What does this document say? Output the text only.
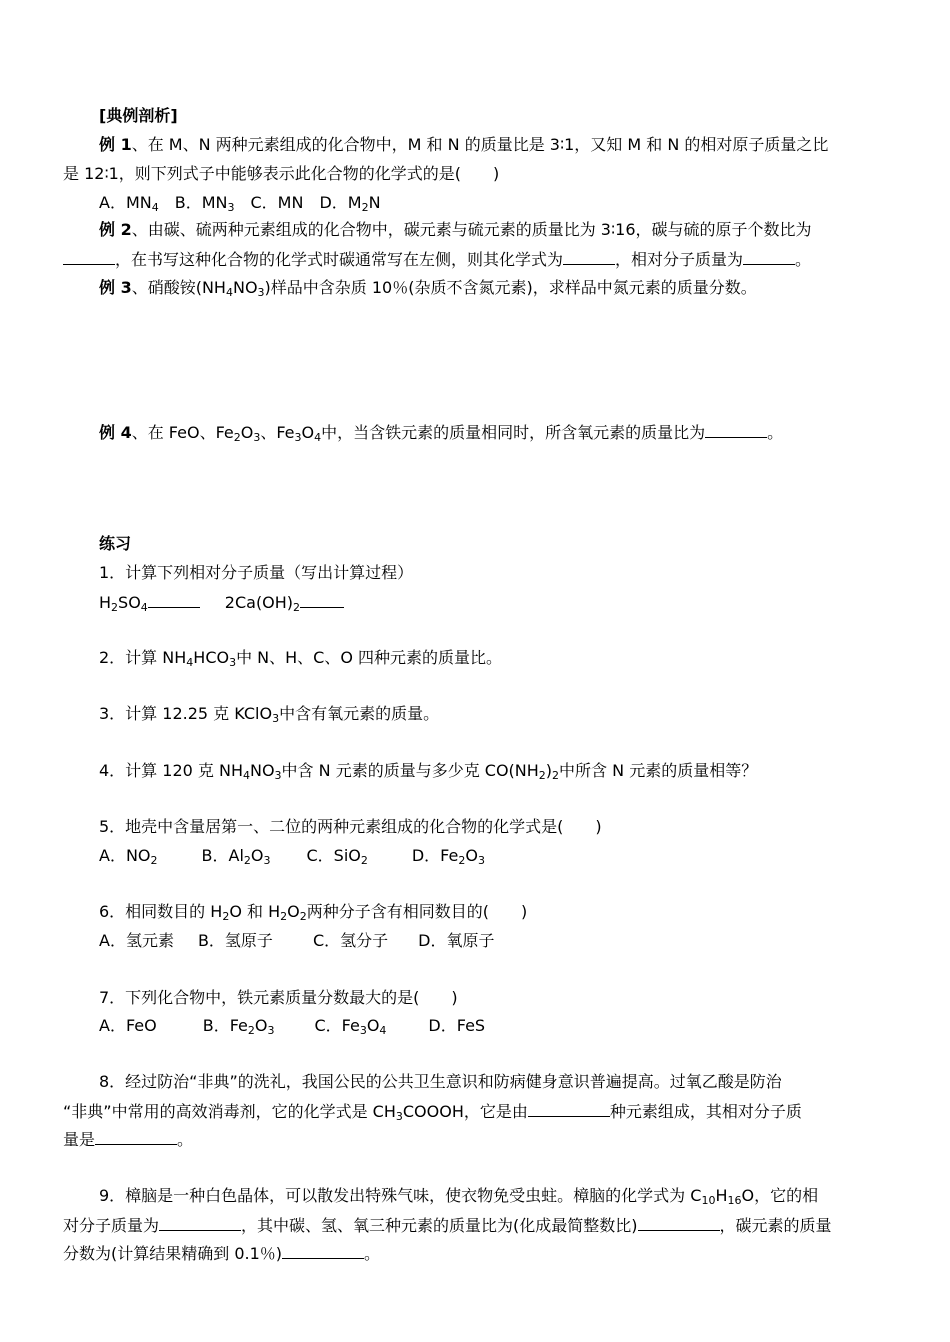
[典例剖析]
例 1、在 M、N 两种元素组成的化合物中，M 和 N 的质量比是 3∶1，又知 M 和 N 的相对原子质量之比
是 12∶1，则下列式子中能够表示此化合物的化学式的是(　　)
A．$MN_4$　B．$MN_3$　C．MN　D．$M_2N$
例 2、由碳、硫两种元素组成的化合物中，碳元素与硫元素的质量比为 3∶16，碳与硫的原子个数比为
，在书写这种化合物的化学式时碳通常写在左侧，则其化学式为	，相对分子质量为	。
例 3、硝酸铵$(NH_4NO_3)$样品中含杂质 10％(杂质不含氮元素)，求样品中氮元素的质量分数。
例 4、在 FeO、$Fe_2O_3$、$Fe_3O_4$中，当含铁元素的质量相同时，所含氧元素的质量比为	。
练习
1．计算下列相对分子质量（写出计算过程）
$H_2SO_4$	$2Ca(OH)_2$
2．计算 $NH_4HCO_3$中 N、H、C、O 四种元素的质量比。
3．计算 12.25 克 KClO$_3$中含有氧元素的质量。
4．计算 120 克 $NH_4NO_3$中含 N 元素的质量与多少克 $CO(NH_2)_2$中所含 N 元素的质量相等？
5．地壳中含量居第一、二位的两种元素组成的化合物的化学式是(　　)
A．$NO_2$	B．$Al_2O_3$ C．SiO$_2$	D．$Fe_2O_3$
6．相同数目的 $H_2O$ 和 $H_2O_2$两种分子含有相同数目的(　　)
A．氢元素 B．氢原子	C．氢分子 D．氧原子
7．下列化合物中，铁元素质量分数最大的是(　　)
A．FeO	B．$Fe_2O_3$	C．$Fe_3O_4$	D．FeS
8．经过防治“非典”的洗礼，我国公民的公共卫生意识和防病健身意识普遍提高。过氧乙酸是防治
“非典”中常用的高效消毒剂，它的化学式是 $CH_3COOOH$，它是由	种元素组成，其相对分子质
量是	。
9．樟脑是一种白色晶体，可以散发出特殊气味，使衣物免受虫蛀。樟脑的化学式为 $C_{10}H_{16}O$，它的相
对分子质量为	，其中碳、氢、氧三种元素的质量比为(化成最简整数比)	，碳元素的质量
分数为(计算结果精确到 0.1％)	。
